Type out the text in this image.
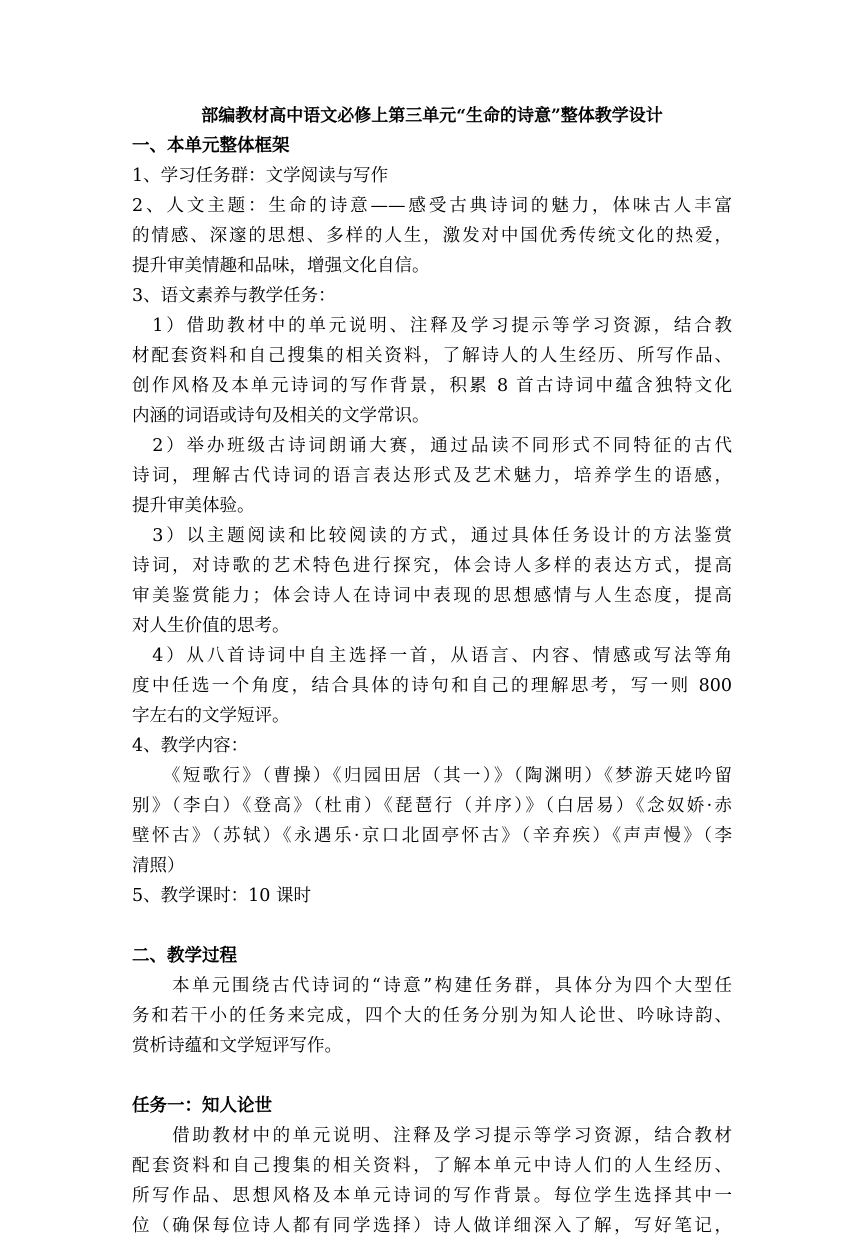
部编教材高中语文必修上第三单元“生命的诗意”整体教学设计
一、本单元整体框架
1、学习任务群：文学阅读与写作
2、人文主题：生命的诗意——感受古典诗词的魅力，体味古人丰富
的情感、深邃的思想、多样的人生，激发对中国优秀传统文化的热爱，
提升审美情趣和品味，增强文化自信。
3、语文素养与教学任务：
　1）借助教材中的单元说明、注释及学习提示等学习资源，结合教
材配套资料和自己搜集的相关资料，了解诗人的人生经历、所写作品、
创作风格及本单元诗词的写作背景，积累 8 首古诗词中蕴含独特文化
内涵的词语或诗句及相关的文学常识。
　2）举办班级古诗词朗诵大赛，通过品读不同形式不同特征的古代
诗词，理解古代诗词的语言表达形式及艺术魅力，培养学生的语感，
提升审美体验。
　3）以主题阅读和比较阅读的方式，通过具体任务设计的方法鉴赏
诗词，对诗歌的艺术特色进行探究，体会诗人多样的表达方式，提高
审美鉴赏能力；体会诗人在诗词中表现的思想感情与人生态度，提高
对人生价值的思考。
　4）从八首诗词中自主选择一首，从语言、内容、情感或写法等角
度中任选一个角度，结合具体的诗句和自己的理解思考，写一则 800
字左右的文学短评。
4、教学内容：
　　《短歌行》（曹操）《归园田居（其一）》（陶渊明）《梦游天姥吟留
别》（李白）《登高》（杜甫）《琵琶行（并序）》（白居易）《念奴娇·赤
壁怀古》（苏轼）《永遇乐·京口北固亭怀古》（辛弃疾）《声声慢》（李
清照）
5、教学课时：10 课时
二、教学过程
　　本单元围绕古代诗词的“诗意”构建任务群，具体分为四个大型任
务和若干小的任务来完成，四个大的任务分别为知人论世、吟咏诗韵、
赏析诗蕴和文学短评写作。
任务一：知人论世
　　借助教材中的单元说明、注释及学习提示等学习资源，结合教材
配套资料和自己搜集的相关资料，了解本单元中诗人们的人生经历、
所写作品、思想风格及本单元诗词的写作背景。每位学生选择其中一
位（确保每位诗人都有同学选择）诗人做详细深入了解，写好笔记，
